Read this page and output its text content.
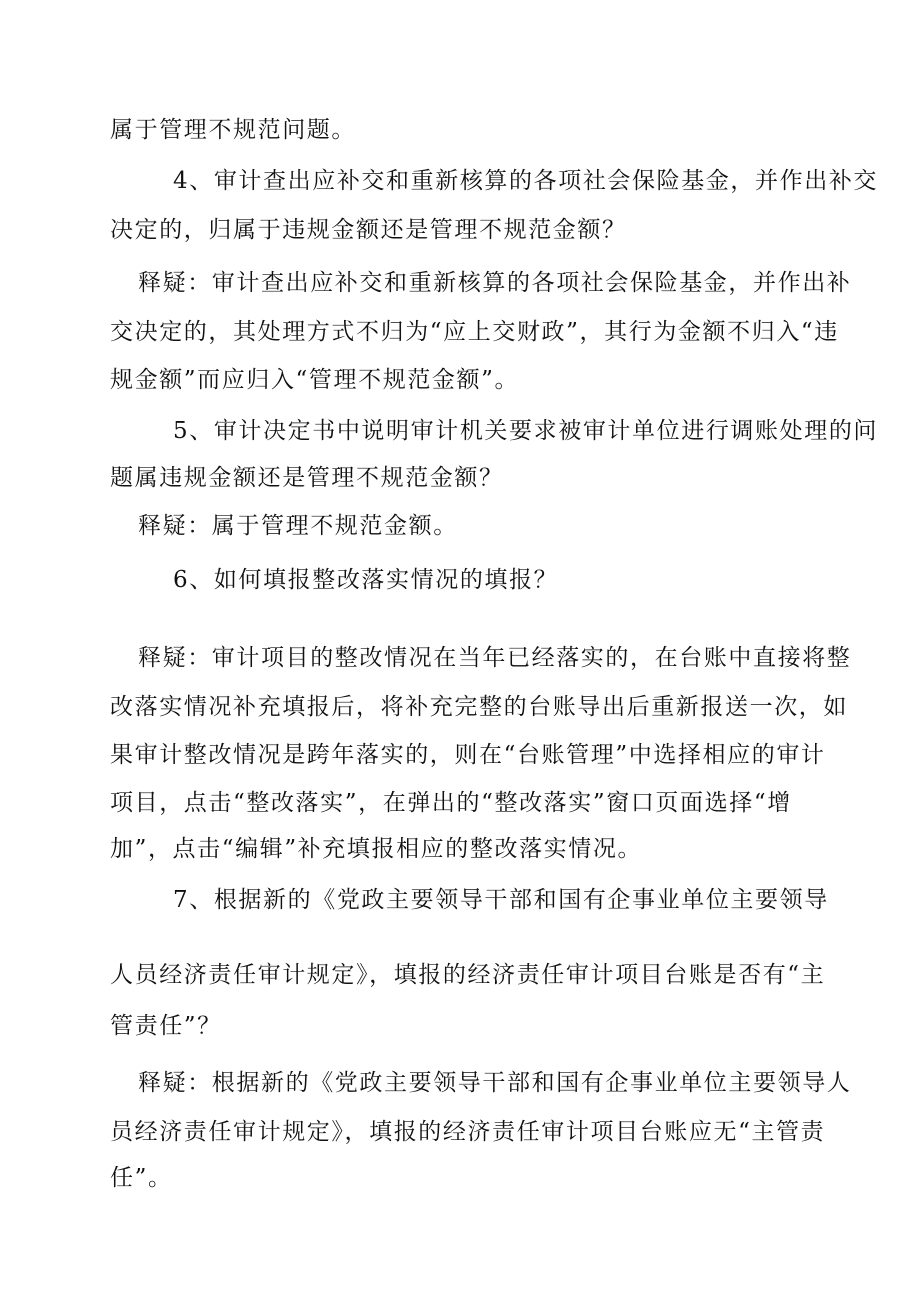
属于管理不规范问题。
4、审计查出应补交和重新核算的各项社会保险基金，并作出补交
决定的，归属于违规金额还是管理不规范金额？
释疑：审计查出应补交和重新核算的各项社会保险基金，并作出补
交决定的，其处理方式不归为“应上交财政”，其行为金额不归入“违
规金额”而应归入“管理不规范金额”。
5、审计决定书中说明审计机关要求被审计单位进行调账处理的问
题属违规金额还是管理不规范金额？
释疑：属于管理不规范金额。
6、如何填报整改落实情况的填报？
释疑：审计项目的整改情况在当年已经落实的，在台账中直接将整
改落实情况补充填报后，将补充完整的台账导出后重新报送一次，如
果审计整改情况是跨年落实的，则在“台账管理”中选择相应的审计
项目，点击“整改落实”，在弹出的“整改落实”窗口页面选择“增
加”，点击“编辑”补充填报相应的整改落实情况。
7、根据新的《党政主要领导干部和国有企事业单位主要领导
人员经济责任审计规定》，填报的经济责任审计项目台账是否有“主
管责任”？
释疑：根据新的《党政主要领导干部和国有企事业单位主要领导人
员经济责任审计规定》，填报的经济责任审计项目台账应无“主管责
任”。
